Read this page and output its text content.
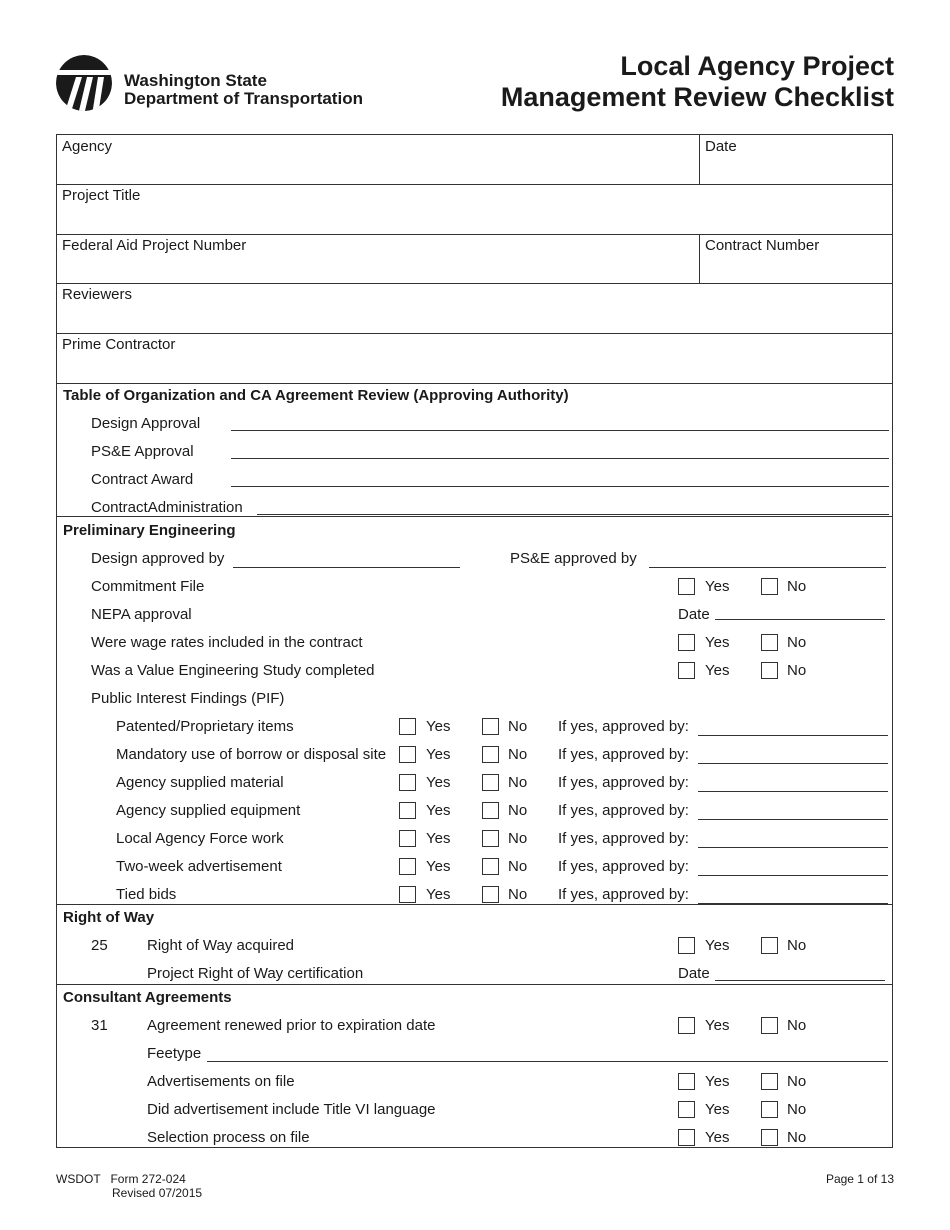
Washington State
Department of Transportation
Local Agency Project
Management Review Checklist
Agency	Date
Project Title
Federal Aid Project Number	Contract Number
Reviewers
Prime Contractor
Table of Organization and CA Agreement Review (Approving Authority)
Design Approval
PS&E Approval
Contract Award
ContractAdministration
Preliminary Engineering
Design approved by	PS&E approved by
Commitment File	Yes	No
NEPA approval	Date
Were wage rates included in the contract	Yes	No
Was a Value Engineering Study completed	Yes	No
Public Interest Findings (PIF)
Patented/Proprietary items	Yes	No If yes, approved by:
Mandatory use of borrow or disposal site	Yes	No If yes, approved by:
Agency supplied material	Yes	No If yes, approved by:
Agency supplied equipment	Yes	No If yes, approved by:
Local Agency Force work	Yes	No If yes, approved by:
Two-week advertisement	Yes	No If yes, approved by:
Tied bids	Yes	No If yes, approved by:
Right of Way
25	Right of Way acquired	Yes	No
Project Right of Way certification	Date
Consultant Agreements
31	Agreement renewed prior to expiration date	Yes	No
Feetype
Advertisements on file	Yes	No
Did advertisement include Title VI language	Yes	No
Selection process on file	Yes	No
WSDOT   Form 272-024
Revised 07/2015
Page 1 of 13
